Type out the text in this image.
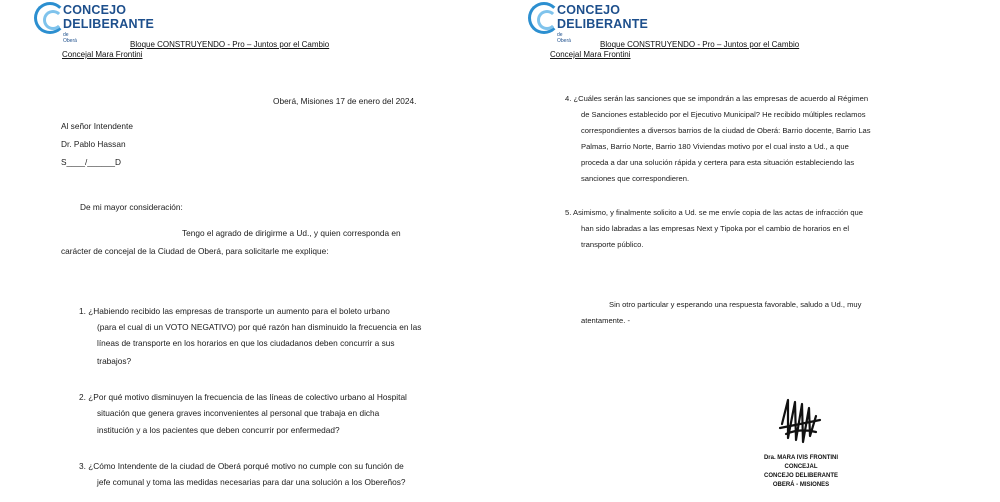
CONCEJO
DELIBERANTE
de Oberá	Bloque CONSTRUYENDO - Pro – Juntos por el Cambio
Concejal Mara Frontini
Oberá, Misiones 17 de enero del 2024.
Al señor Intendente
Dr. Pablo Hassan
S____/______D
De mi mayor consideración:
Tengo el agrado de dirigirme a Ud., y quien corresponda en
carácter de concejal de la Ciudad de Oberá, para solicitarle me explique:
1. ¿Habiendo recibido las empresas de transporte un aumento para el boleto urbano
(para el cual di un VOTO NEGATIVO) por qué razón han disminuido la frecuencia en las
líneas de transporte en los horarios en que los ciudadanos deben concurrir a sus
trabajos?
2. ¿Por qué motivo disminuyen la frecuencia de las líneas de colectivo urbano al Hospital
situación que genera graves inconvenientes al personal que trabaja en dicha
institución y a los pacientes que deben concurrir por enfermedad?
3. ¿Cómo Intendente de la ciudad de Oberá porqué motivo no cumple con su función de
jefe comunal y toma las medidas necesarias para dar una solución a los Obereños?
CONCEJO
DELIBERANTE
de Oberá	Bloque CONSTRUYENDO - Pro – Juntos por el Cambio
Concejal Mara Frontini
4. ¿Cuáles serán las sanciones que se impondrán a las empresas de acuerdo al Régimen
de Sanciones establecido por el Ejecutivo Municipal? He recibido múltiples reclamos
correspondientes a diversos barrios de la ciudad de Oberá: Barrio docente, Barrio Las
Palmas, Barrio Norte, Barrio 180 Viviendas motivo por el cual insto a Ud., a que
proceda a dar una solución rápida y certera para esta situación estableciendo las
sanciones que correspondieren.
5. Asimismo, y finalmente solicito a Ud. se me envíe copia de las actas de infracción que
han sido labradas a las empresas Next y Tipoka por el cambio de horarios en el
transporte público.
Sin otro particular y esperando una respuesta favorable, saludo a Ud., muy
atentamente. -
Dra. MARA IVIS FRONTINI
CONCEJAL
CONCEJO DELIBERANTE
OBERÁ - MISIONES
